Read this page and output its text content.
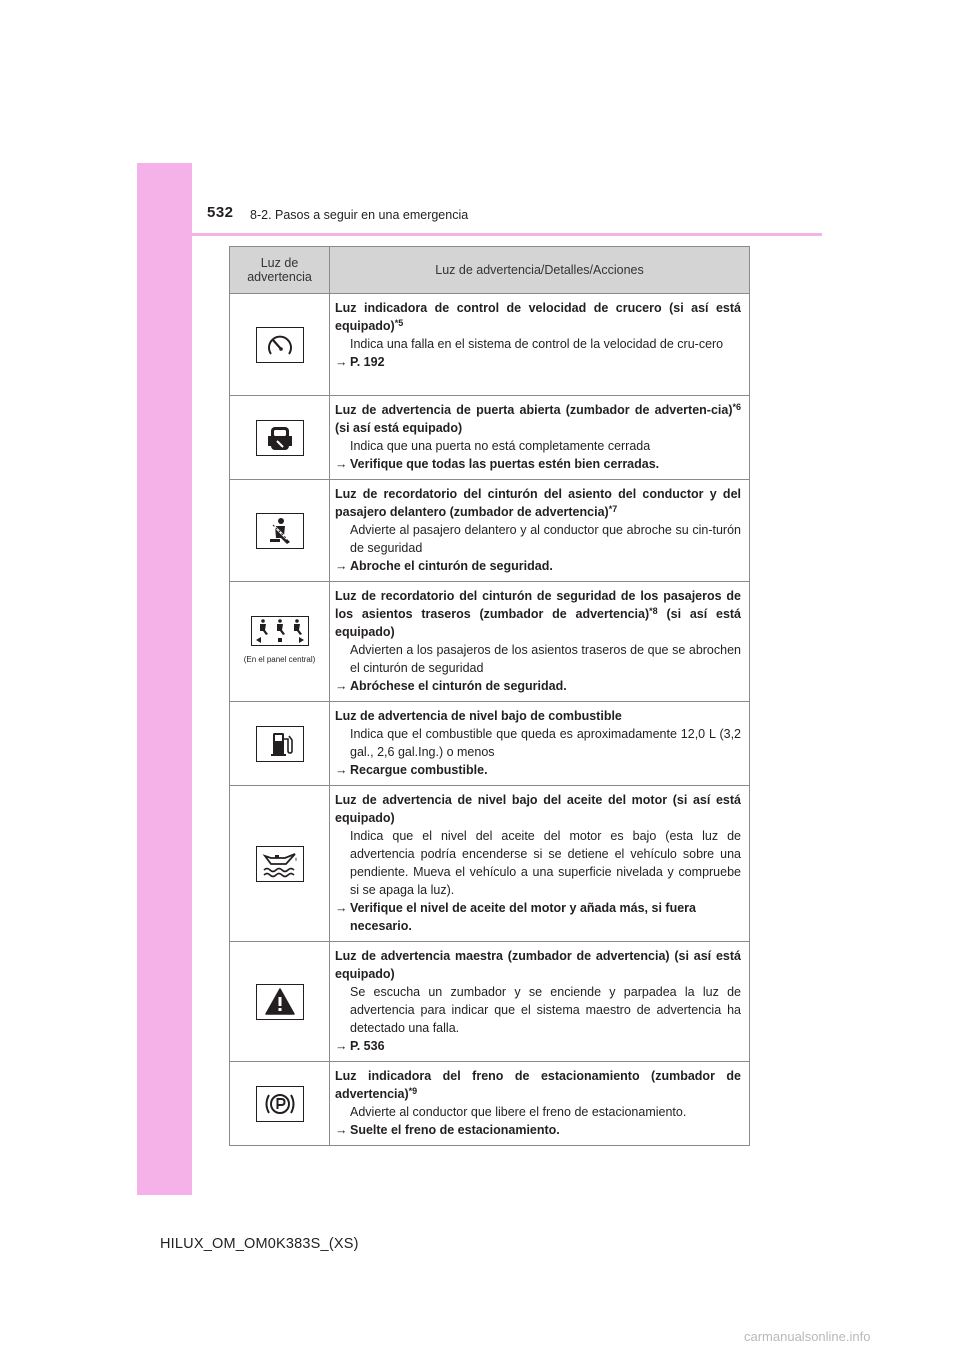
532 8-2. Pasos a seguir en una emergencia
Luz de advertencia	Luz de advertencia/Detalles/Acciones

Luz indicadora de control de velocidad de crucero (si así está equipado)$^{*5}$
Indica una falla en el sistema de control de la velocidad de cru-cero
→ P. 192

Luz de advertencia de puerta abierta (zumbador de adverten-cia)$^{*6}$ (si así está equipado)
Indica que una puerta no está completamente cerrada
→ Verifique que todas las puertas estén bien cerradas.

Luz de recordatorio del cinturón del asiento del conductor y del pasajero delantero (zumbador de advertencia)$^{*7}$
Advierte al pasajero delantero y al conductor que abroche su cin-turón de seguridad
→ Abroche el cinturón de seguridad.

(En el panel central)	Luz de recordatorio del cinturón de seguridad de los pasajeros de los asientos traseros (zumbador de advertencia)$^{*8}$ (si así está equipado)
Advierten a los pasajeros de los asientos traseros de que se abrochen el cinturón de seguridad
→ Abróchese el cinturón de seguridad.

Luz de advertencia de nivel bajo de combustible
Indica que el combustible que queda es aproximadamente 12,0 L (3,2 gal., 2,6 gal.Ing.) o menos
→ Recargue combustible.

Luz de advertencia de nivel bajo del aceite del motor (si así está equipado)
Indica que el nivel del aceite del motor es bajo (esta luz de advertencia podría encenderse si se detiene el vehículo sobre una pendiente. Mueva el vehículo a una superficie nivelada y compruebe si se apaga la luz).
→ Verifique el nivel de aceite del motor y añada más, si fuera necesario.

Luz de advertencia maestra (zumbador de advertencia) (si así está equipado)
Se escucha un zumbador y se enciende y parpadea la luz de advertencia para indicar que el sistema maestro de advertencia ha detectado una falla.
→ P. 536

Luz indicadora del freno de estacionamiento (zumbador de advertencia)$^{*9}$
Advierte al conductor que libere el freno de estacionamiento.
→ Suelte el freno de estacionamiento.
HILUX_OM_OM0K383S_(XS)
carmanualsonline.info
